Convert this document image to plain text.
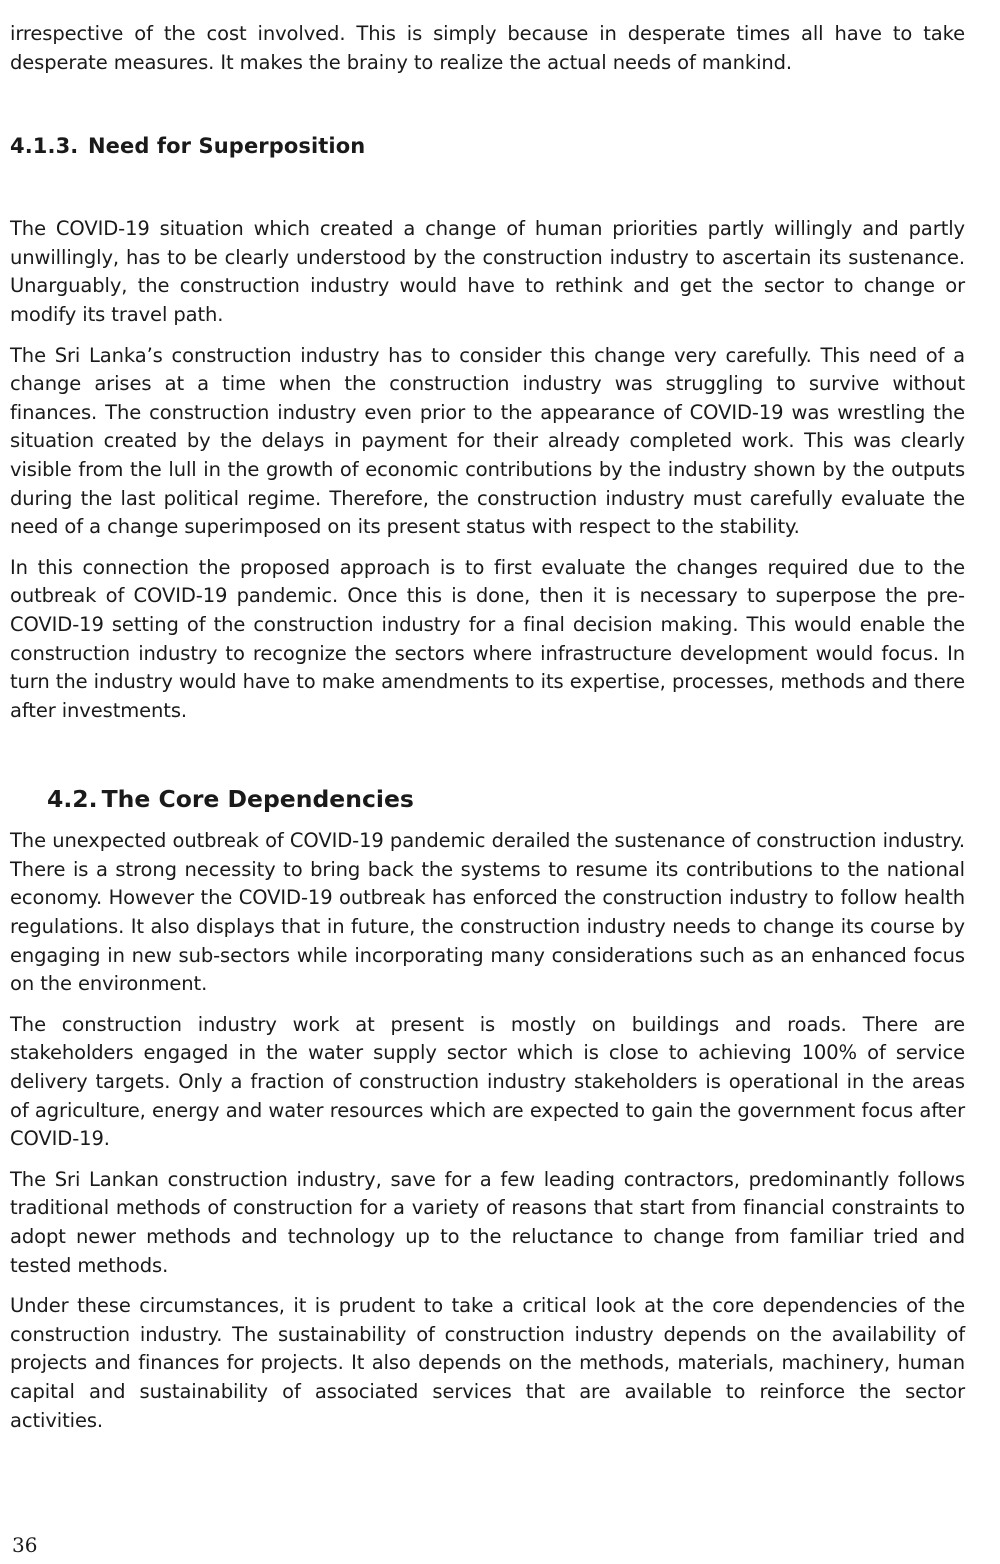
irrespective of the cost involved. This is simply because in desperate times all have to take desperate measures. It makes the brainy to realize the actual needs of mankind.

4.1.3. Need for Superposition

The COVID-19 situation which created a change of human priorities partly willingly and partly unwillingly, has to be clearly understood by the construction industry to ascertain its sustenance. Unarguably, the construction industry would have to rethink and get the sector to change or modify its travel path.

The Sri Lanka’s construction industry has to consider this change very carefully. This need of a change arises at a time when the construction industry was struggling to survive without finances. The construction industry even prior to the appearance of COVID-19 was wrestling the situation created by the delays in payment for their already completed work. This was clearly visible from the lull in the growth of economic contributions by the industry shown by the outputs during the last political regime. Therefore, the construction industry must carefully evaluate the need of a change superimposed on its present status with respect to the stability.

In this connection the proposed approach is to first evaluate the changes required due to the outbreak of COVID-19 pandemic. Once this is done, then it is necessary to superpose the pre-COVID-19 setting of the construction industry for a final decision making. This would enable the construction industry to recognize the sectors where infrastructure development would focus. In turn the industry would have to make amendments to its expertise, processes, methods and there after investments.

4.2. The Core Dependencies

The unexpected outbreak of COVID-19 pandemic derailed the sustenance of construction industry. There is a strong necessity to bring back the systems to resume its contributions to the national economy. However the COVID-19 outbreak has enforced the construction industry to follow health regulations. It also displays that in future, the construction industry needs to change its course by engaging in new sub-sectors while incorporating many considerations such as an enhanced focus on the environment.

The construction industry work at present is mostly on buildings and roads. There are stakeholders engaged in the water supply sector which is close to achieving 100% of service delivery targets. Only a fraction of construction industry stakeholders is operational in the areas of agriculture, energy and water resources which are expected to gain the government focus after COVID-19.

The Sri Lankan construction industry, save for a few leading contractors, predominantly follows traditional methods of construction for a variety of reasons that start from financial constraints to adopt newer methods and technology up to the reluctance to change from familiar tried and tested methods.

Under these circumstances, it is prudent to take a critical look at the core dependencies of the construction industry. The sustainability of construction industry depends on the availability of projects and finances for projects. It also depends on the methods, materials, machinery, human capital and sustainability of associated services that are available to reinforce the sector activities.

36
